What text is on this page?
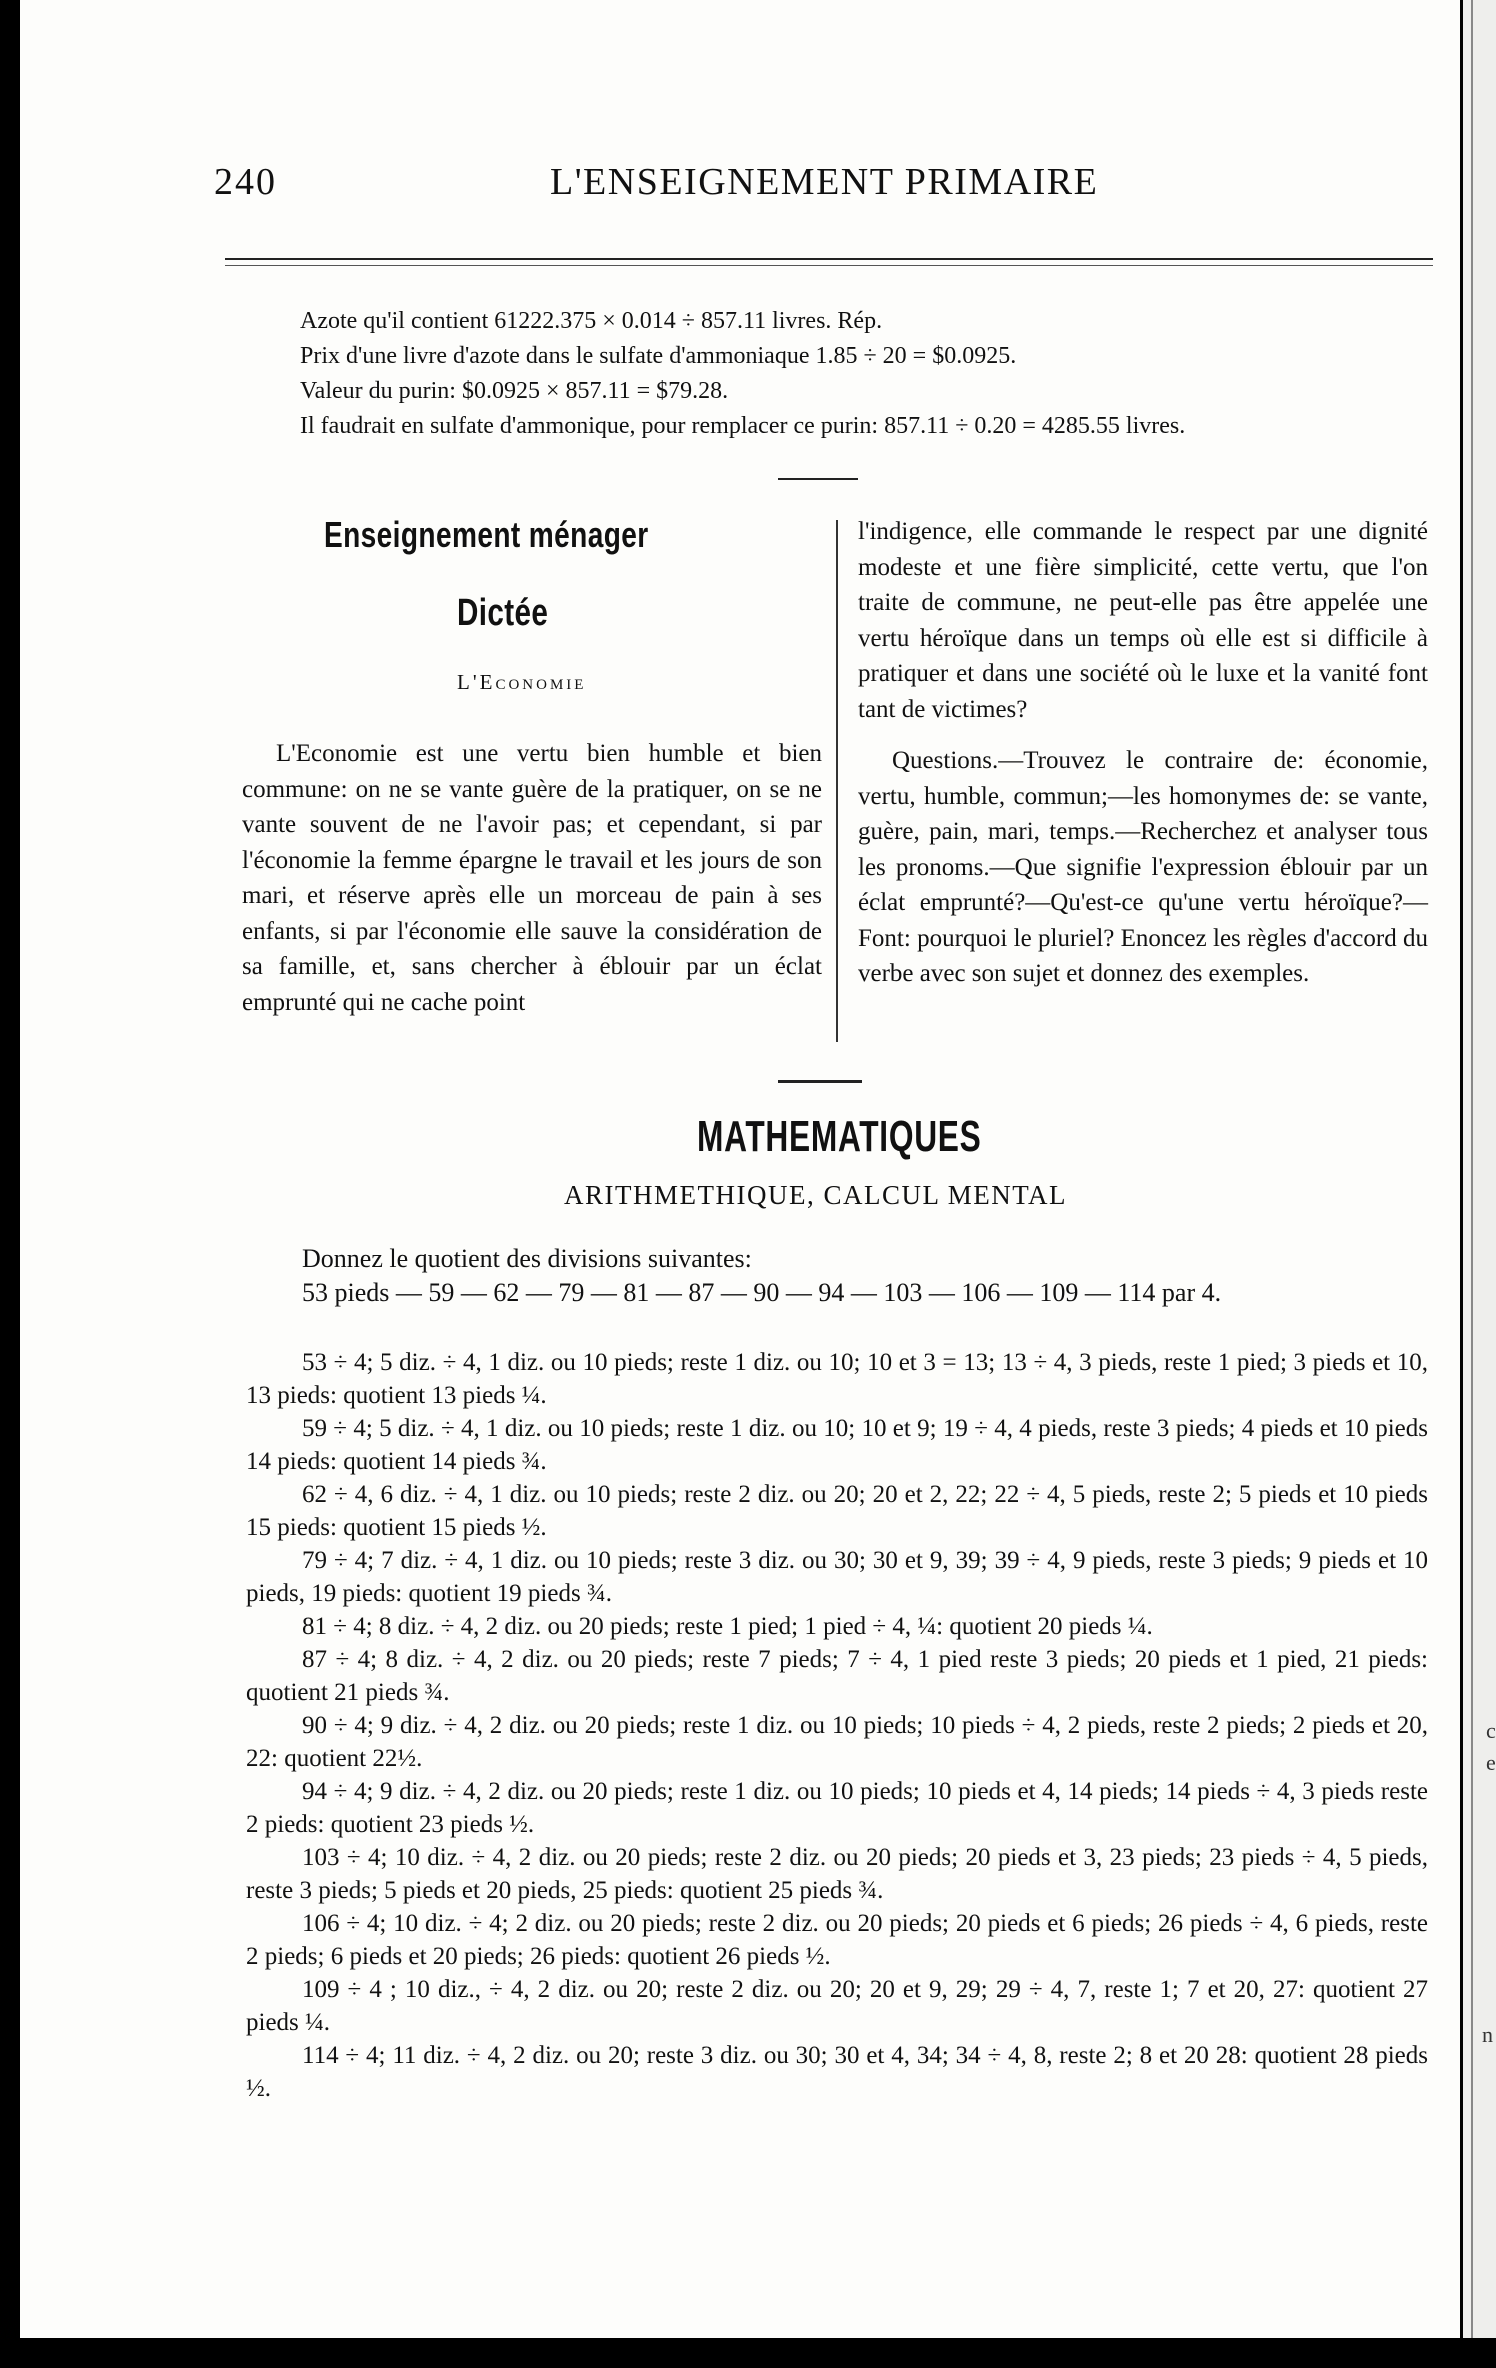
240	L'ENSEIGNEMENT PRIMAIRE
Azote qu'il contient 61222.375 × 0.014 ÷ 857.11 livres. Rép.
Prix d'une livre d'azote dans le sulfate d'ammoniaque 1.85 ÷ 20 = $0.0925.
Valeur du purin: $0.0925 × 857.11 = $79.28.
Il faudrait en sulfate d'ammonique, pour remplacer ce purin: 857.11 ÷ 0.20 = 4285.55 livres.
Enseignement ménager
Dictée
L'Economie

L'Economie est une vertu bien humble et bien commune: on ne se vante guère de la pratiquer, on se ne vante souvent de ne l'avoir pas; et cependant, si par l'économie la femme épargne le travail et les jours de son mari, et réserve après elle un morceau de pain à ses enfants, si par l'économie elle sauve la considération de sa famille, et, sans chercher à éblouir par un éclat emprunté qui ne cache point

l'indigence, elle commande le respect par une dignité modeste et une fière simplicité, cette vertu, que l'on traite de commune, ne peut-elle pas être appelée une vertu héroïque dans un temps où elle est si difficile à pratiquer et dans une société où le luxe et la vanité font tant de victimes?

Questions.—Trouvez le contraire de: économie, vertu, humble, commun;—les homonymes de: se vante, guère, pain, mari, temps.—Recherchez et analyser tous les pronoms.—Que signifie l'expression éblouir par un éclat emprunté?—Qu'est-ce qu'une vertu héroïque?—Font: pourquoi le pluriel? Enoncez les règles d'accord du verbe avec son sujet et donnez des exemples.

MATHEMATIQUES
ARITHMETHIQUE, CALCUL MENTAL
Donnez le quotient des divisions suivantes:
53 pieds — 59 — 62 — 79 — 81 — 87 — 90 — 94 — 103 — 106 — 109 — 114 par 4.

53 ÷ 4; 5 diz. ÷ 4, 1 diz. ou 10 pieds; reste 1 diz. ou 10; 10 et 3 = 13; 13 ÷ 4, 3 pieds, reste 1 pied; 3 pieds et 10, 13 pieds: quotient 13 pieds ¼.

59 ÷ 4; 5 diz. ÷ 4, 1 diz. ou 10 pieds; reste 1 diz. ou 10; 10 et 9; 19 ÷ 4, 4 pieds, reste 3 pieds; 4 pieds et 10 pieds 14 pieds: quotient 14 pieds ¾.

62 ÷ 4, 6 diz. ÷ 4, 1 diz. ou 10 pieds; reste 2 diz. ou 20; 20 et 2, 22; 22 ÷ 4, 5 pieds, reste 2; 5 pieds et 10 pieds 15 pieds: quotient 15 pieds ½.

79 ÷ 4; 7 diz. ÷ 4, 1 diz. ou 10 pieds; reste 3 diz. ou 30; 30 et 9, 39; 39 ÷ 4, 9 pieds, reste 3 pieds; 9 pieds et 10 pieds, 19 pieds: quotient 19 pieds ¾.

81 ÷ 4; 8 diz. ÷ 4, 2 diz. ou 20 pieds; reste 1 pied; 1 pied ÷ 4, ¼: quotient 20 pieds ¼.

87 ÷ 4; 8 diz. ÷ 4, 2 diz. ou 20 pieds; reste 7 pieds; 7 ÷ 4, 1 pied reste 3 pieds; 20 pieds et 1 pied, 21 pieds: quotient 21 pieds ¾.

90 ÷ 4; 9 diz. ÷ 4, 2 diz. ou 20 pieds; reste 1 diz. ou 10 pieds; 10 pieds ÷ 4, 2 pieds, reste 2 pieds; 2 pieds et 20, 22: quotient 22½.

94 ÷ 4; 9 diz. ÷ 4, 2 diz. ou 20 pieds; reste 1 diz. ou 10 pieds; 10 pieds et 4, 14 pieds; 14 pieds ÷ 4, 3 pieds reste 2 pieds: quotient 23 pieds ½.

103 ÷ 4; 10 diz. ÷ 4, 2 diz. ou 20 pieds; reste 2 diz. ou 20 pieds; 20 pieds et 3, 23 pieds; 23 pieds ÷ 4, 5 pieds, reste 3 pieds; 5 pieds et 20 pieds, 25 pieds: quotient 25 pieds ¾.

106 ÷ 4; 10 diz. ÷ 4; 2 diz. ou 20 pieds; reste 2 diz. ou 20 pieds; 20 pieds et 6 pieds; 26 pieds ÷ 4, 6 pieds, reste 2 pieds; 6 pieds et 20 pieds; 26 pieds: quotient 26 pieds ½.

109 ÷ 4 ; 10 diz., ÷ 4, 2 diz. ou 20; reste 2 diz. ou 20; 20 et 9, 29; 29 ÷ 4, 7, reste 1; 7 et 20, 27: quotient 27 pieds ¼.

114 ÷ 4; 11 diz. ÷ 4, 2 diz. ou 20; reste 3 diz. ou 30; 30 et 4, 34; 34 ÷ 4, 8, reste 2; 8 et 20 28: quotient 28 pieds ½.

c
e
n
